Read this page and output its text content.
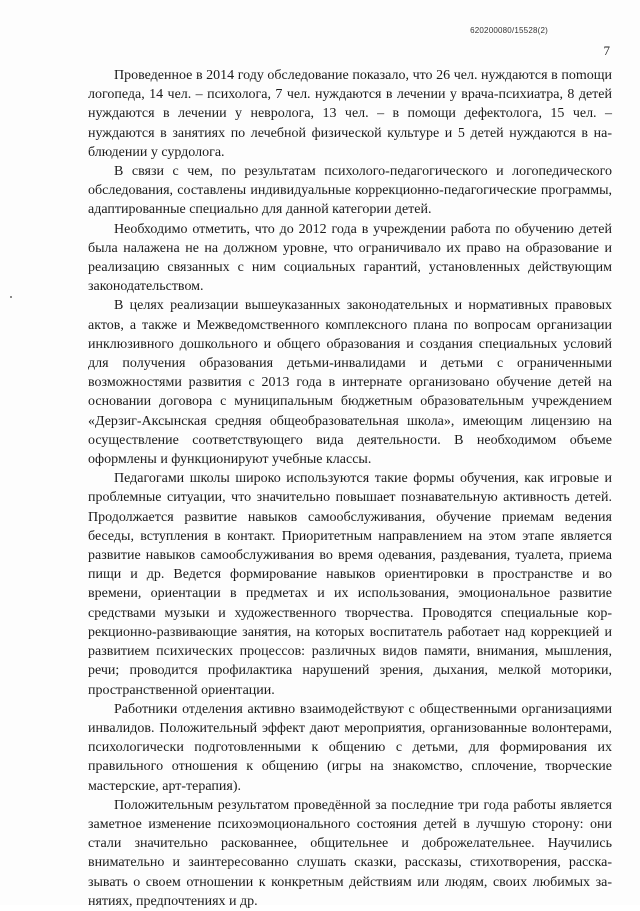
620200080/15528(2)
7

Проведенное в 2014 году обследование показало, что 26 чел. нуждаются в поmощи логопеда, 14 чел. – психолога, 7 чел. нуждаются в лечении у врача-психиатра, 8 детей нуждаются в лечении у невролога, 13 чел. – в помощи дефектолога, 15 чел. – нуждаются в занятиях по лечебной физической культуре и 5 детей нуждаются в наблюдении у сурдолога.

В связи с чем, по результатам психолого-педагогического и логопедического обследования, составлены индивидуальные коррекционно-педагогические программы, адаптированные специально для данной категории детей.

Необходимо отметить, что до 2012 года в учреждении работа по обучению детей была налажена не на должном уровне, что ограничивало их право на образование и реализацию связанных с ним социальных гарантий, установленных действующим законодательством.

В целях реализации вышеуказанных законодательных и нормативных правовых актов, а также и Межведомственного комплексного плана по вопросам организации инклюзивного дошкольного и общего образования и создания специальных условий для получения образования детьми-инвалидами и детьми с ограниченными возможностями развития с 2013 года в интернате организовано обучение детей на основании договора с муниципальным бюджетным образовательным учреждением «Дерзиг-Аксынская средняя общеобразовательная школа», имеющим лицензию на осуществление соответствующего вида деятельности. В необходимом объеме оформлены и функционируют учебные классы.

Педагогами школы широко используются такие формы обучения, как игровые и проблемные ситуации, что значительно повышает познавательную активность детей. Продолжается развитие навыков самообслуживания, обучение приемам ведения беседы, вступления в контакт. Приоритетным направлением на этом этапе является развитие навыков самообслуживания во время одевания, раздевания, туалета, приема пищи и др. Ведется формирование навыков ориентировки в пространстве и во времени, ориентации в предметах и их использования, эмоциональное развитие средствами музыки и художественного творчества. Проводятся специальные коррекционно-развивающие занятия, на которых воспитатель работает над коррекцией и развитием психических процессов: различных видов памяти, внимания, мышления, речи; проводится профилактика нарушений зрения, дыхания, мелкой моторики, пространственной ориентации.

Работники отделения активно взаимодействуют с общественными организациями инвалидов. Положительный эффект дают мероприятия, организованные волонтерами, психологически подготовленными к общению с детьми, для формирования их правильного отношения к общению (игры на знакомство, сплочение, творческие мастерские, арт-терапия).

Положительным результатом проведённой за последние три года работы является заметное изменение психоэмоционального состояния детей в лучшую сторону: они стали значительно раскованнее, общительнее и доброжелательнее. Научились внимательно и заинтересованно слушать сказки, рассказы, стихотворения, рассказывать о своем отношении к конкретным действиям или людям, своих любимых занятиях, предпочтениях и др.
